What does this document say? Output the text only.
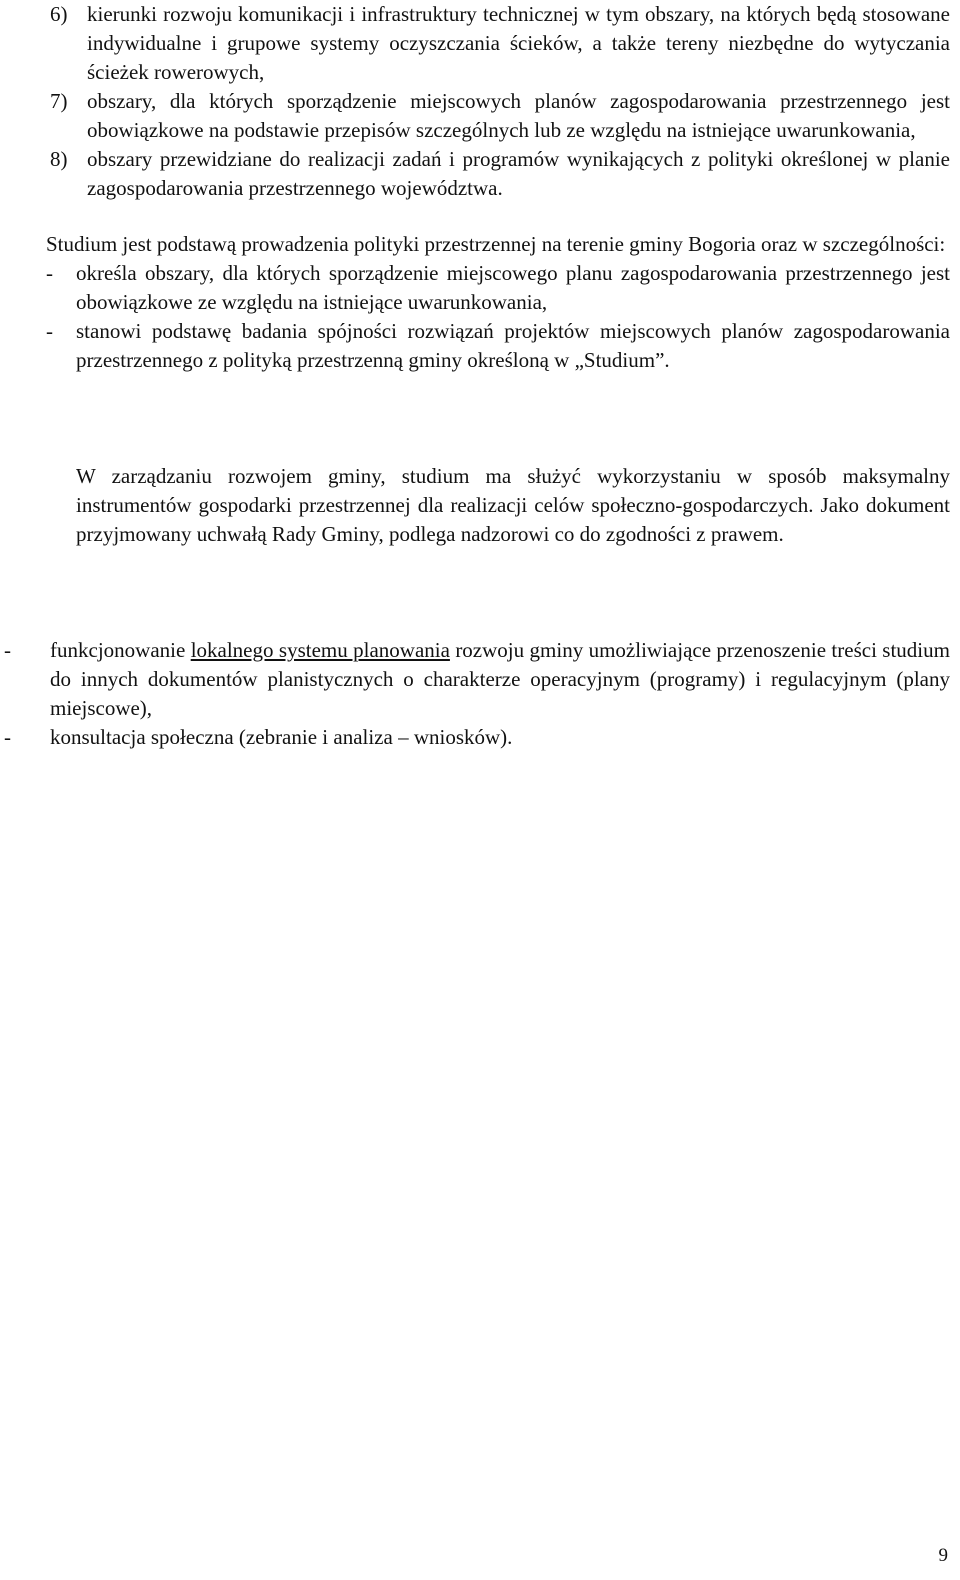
6) kierunki rozwoju komunikacji i infrastruktury technicznej w tym obszary, na których będą stosowane indywidualne i grupowe systemy oczyszczania ścieków, a także tereny niezbędne do wytyczania ścieżek rowerowych,
7) obszary, dla których sporządzenie miejscowych planów zagospodarowania przestrzennego jest obowiązkowe na podstawie przepisów szczególnych lub ze względu na istniejące uwarunkowania,
8) obszary przewidziane do realizacji zadań i programów wynikających z polityki określonej w planie zagospodarowania przestrzennego województwa.
Studium jest podstawą prowadzenia polityki przestrzennej na terenie gminy Bogoria oraz w szczególności:
- określa obszary, dla których sporządzenie miejscowego planu zagospodarowania przestrzennego jest obowiązkowe ze względu na istniejące uwarunkowania,
- stanowi podstawę badania spójności rozwiązań projektów miejscowych planów zagospodarowania przestrzennego z polityką przestrzenną gminy określoną w „Studium”.
W zarządzaniu rozwojem gminy, studium ma służyć wykorzystaniu w sposób maksymalny instrumentów gospodarki przestrzennej dla realizacji celów społeczno-gospodarczych. Jako dokument przyjmowany uchwałą Rady Gminy, podlega nadzorowi co do zgodności z prawem.
- funkcjonowanie lokalnego systemu planowania rozwoju gminy umożliwiające przenoszenie treści studium do innych dokumentów planistycznych o charakterze operacyjnym (programy) i regulacyjnym (plany miejscowe),
- konsultacja społeczna (zebranie i analiza – wniosków).
9
